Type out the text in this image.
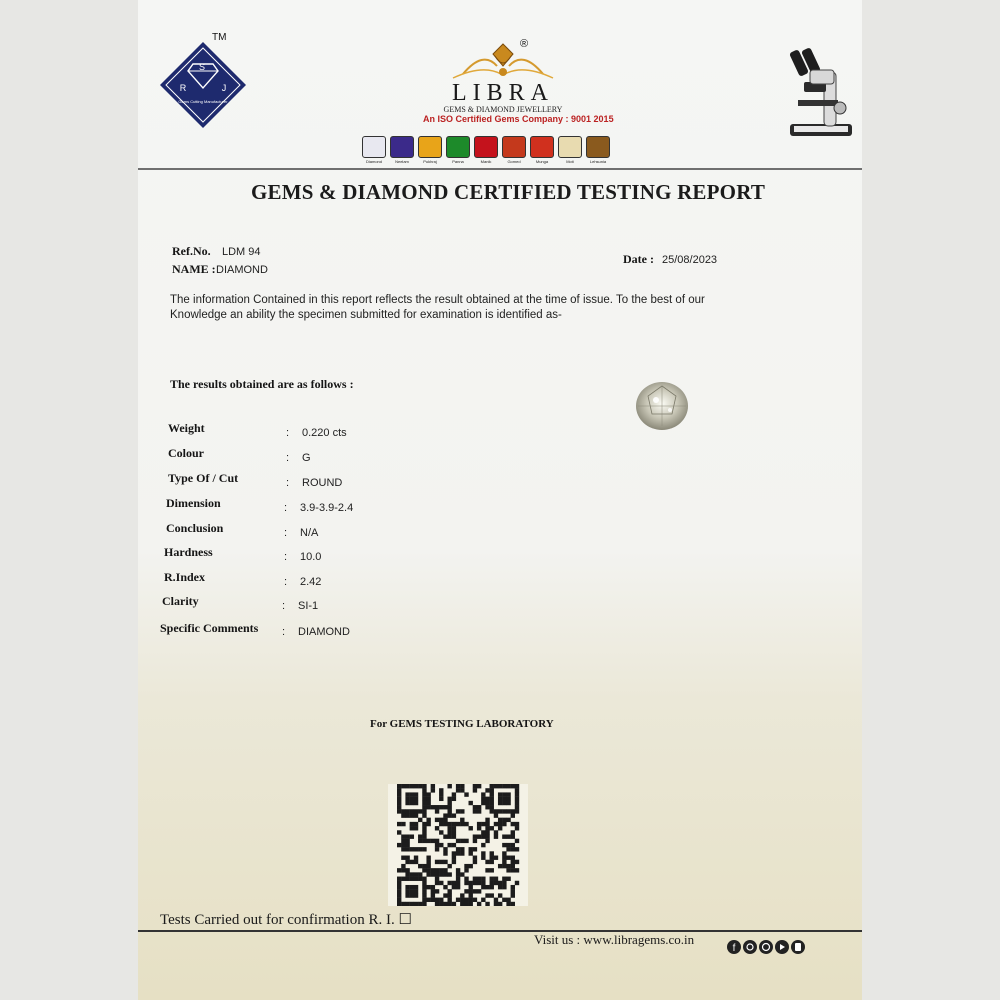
S
R	J
Gems Cutting Manufacturer
TM
LIBRA
GEMS & DIAMOND JEWELLERY
®
An ISO Certified Gems Company : 9001 2015
Diamond	Neelam	Pukhraj	Panna	Manik	Gomed	Munga	Moti	Lehsunia
GEMS & DIAMOND CERTIFIED TESTING REPORT
Ref.No. LDM 94
NAME : DIAMOND
Date : 25/08/2023
The information Contained in this report reflects the result obtained at the time of issue. To the best of our
Knowledge an ability the specimen submitted for examination is identified as-
The results obtained are as follows :
Weight	: 0.220 cts
Colour	: G
Type Of / Cut	: ROUND
Dimension	: 3.9-3.9-2.4
Conclusion	: N/A
Hardness	: 10.0
R.Index	: 2.42
Clarity	: SI-1
Specific Comments : DIAMOND
For GEMS TESTING LABORATORY
Tests Carried out for confirmation R. I. ☐
Visit us : www.libragems.co.in
f
